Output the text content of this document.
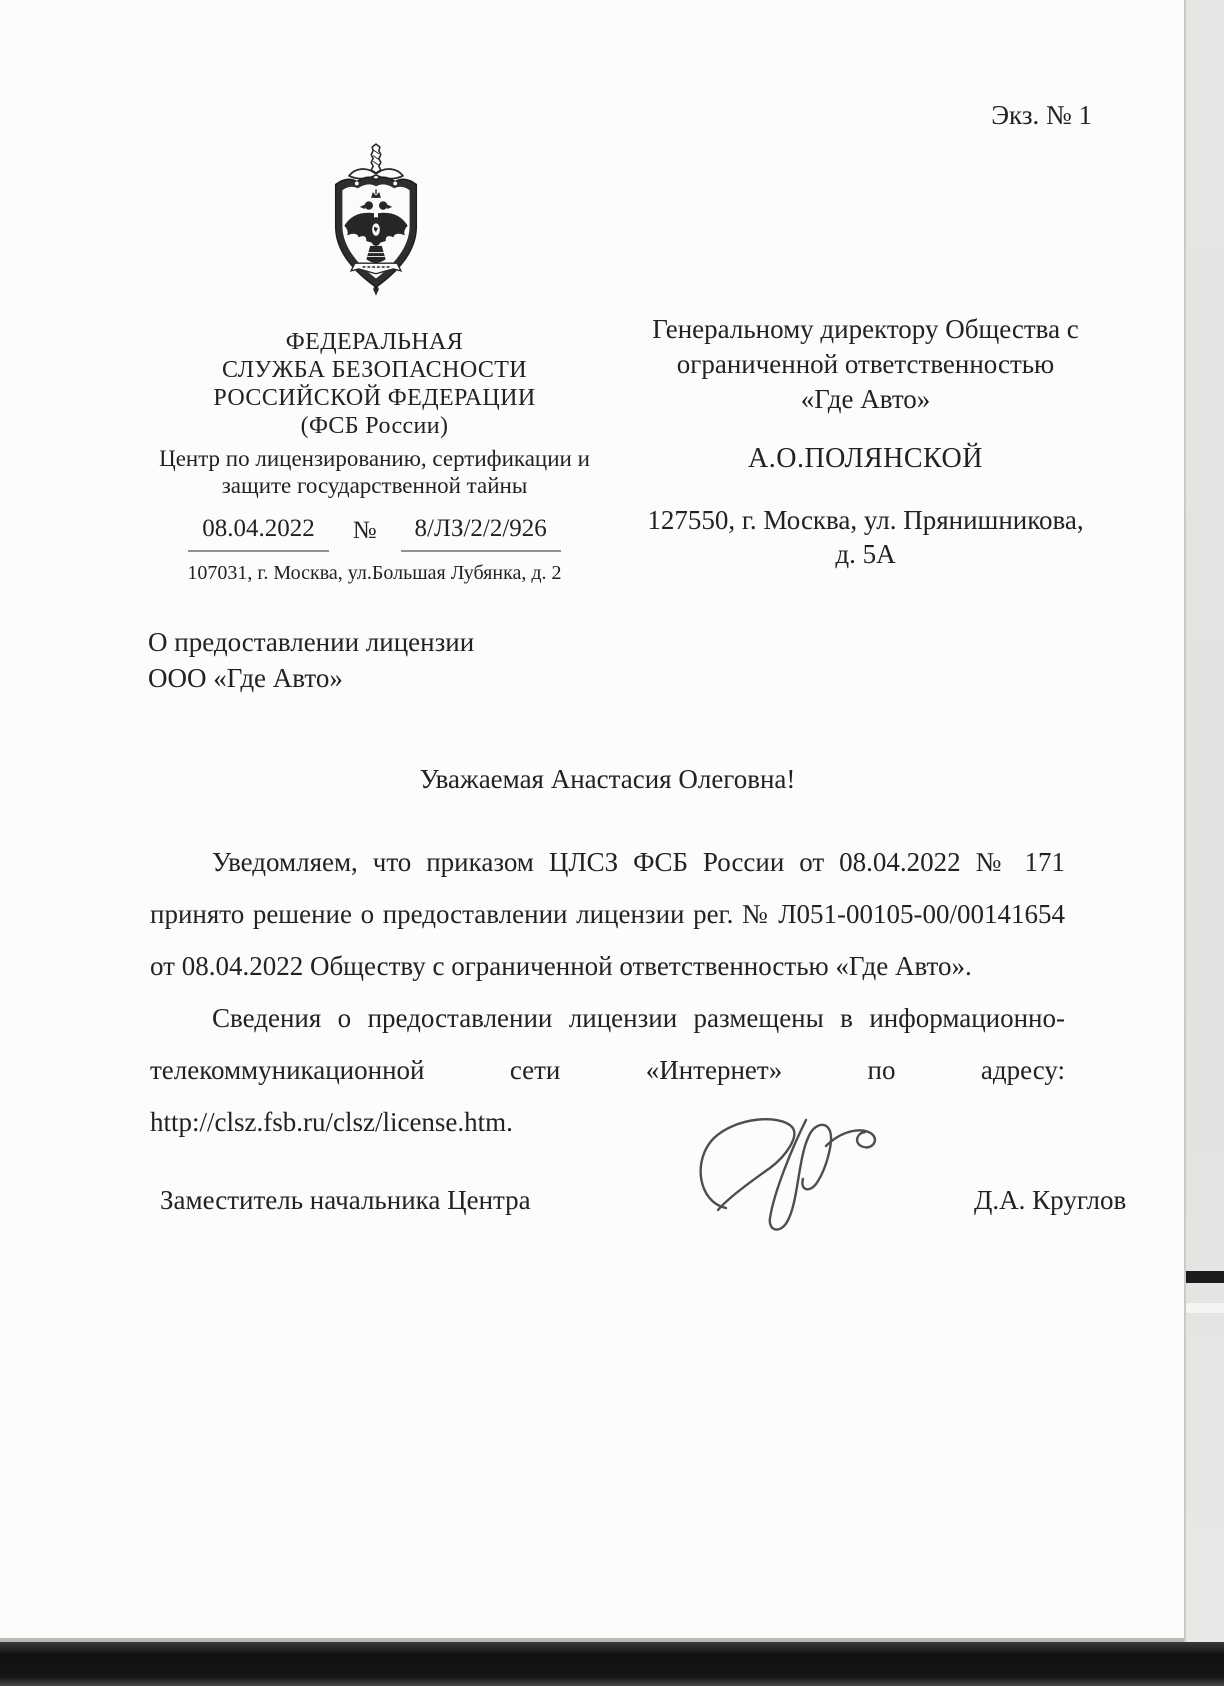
Экз. № 1
ФЕДЕРАЛЬНАЯ
СЛУЖБА БЕЗОПАСНОСТИ
РОССИЙСКОЙ ФЕДЕРАЦИИ
(ФСБ России)
Центр по лицензированию, сертификации и
защите государственной тайны
08.04.2022	№	8/ЛЗ/2/2/926
107031, г. Москва, ул.Большая Лубянка, д. 2
Генеральному директору Общества с
ограниченной ответственностью
«Где Авто»
А.О.ПОЛЯНСКОЙ
127550, г. Москва, ул. Прянишникова,
д. 5А
О предоставлении лицензии
ООО «Где Авто»
Уважаемая Анастасия Олеговна!

Уведомляем, что приказом ЦЛСЗ ФСБ России от 08.04.2022 № 171 принято решение о предоставлении лицензии рег. № Л051-00105-00/00141654 от 08.04.2022 Обществу с ограниченной ответственностью «Где Авто».

Сведения о предоставлении лицензии размещены в информационно-телекоммуникационной сети «Интернет» по адресу: http://clsz.fsb.ru/clsz/license.htm.

Заместитель начальника Центра	Д.А. Круглов
